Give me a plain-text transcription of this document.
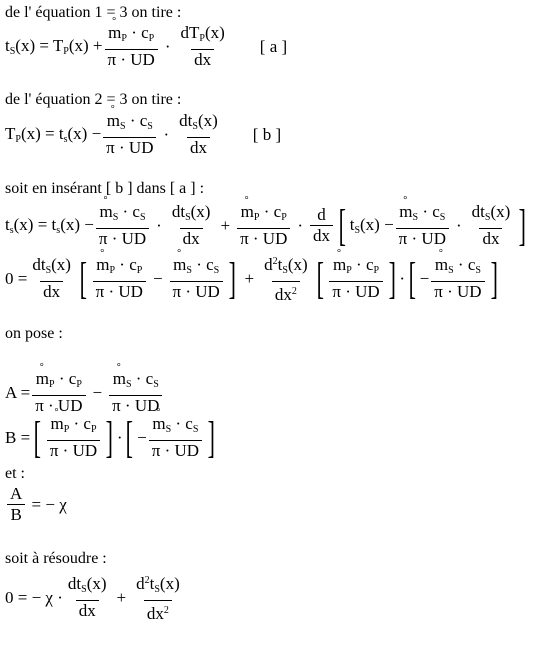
de l' équation 1 = 3 on tire :
$t_S(x) = T_P(x) + \frac{m ^\circ_P \cdot c_P}{\pi \cdot UD} \cdot \frac{dT_P(x)}{dx}$ [ a ]
de l' équation 2 = 3 on tire :
$T_P(x) = t_s(x) - \frac{m ^\circ_S \cdot c_S}{\pi \cdot UD} \cdot \frac{dt_S(x)}{dx}$ [ b ]
soit en insérant [ b ] dans [ a ] :
$t_s(x) = t_s(x) - \frac{m ^\circ_S \cdot c_S}{\pi \cdot UD} \cdot \frac{dt_S(x)}{dx} + \frac{m ^\circ_P \cdot c_P}{\pi \cdot UD} \cdot \frac{d}{dx}$ [ $t_S(x) - \frac{m ^\circ_S \cdot c_S}{\pi \cdot UD} \cdot \frac{dt_S(x)}{dx}$ ]
$0 = \frac{dt_S(x)}{dx}$ [ $\frac{m ^\circ_P \cdot c_P}{\pi \cdot UD} - \frac{m ^\circ_S \cdot c_S}{\pi \cdot UD}$ ] + $\frac{d^2t_S(x)}{dx^2}$ [ $\frac{m ^\circ_P \cdot c_P}{\pi \cdot UD}$ ] · [ − $\frac{m ^\circ_S \cdot c_S}{\pi \cdot UD}$ ]
on pose :
$A = \frac{m ^\circ_P \cdot c_P}{\pi \cdot UD} - \frac{m ^\circ_S \cdot c_S}{\pi \cdot UD}$
B = [ $\frac{m ^\circ_P \cdot c_P}{\pi \cdot UD}$ ] · [ − $\frac{m ^\circ_S \cdot c_S}{\pi \cdot UD}$ ]
et :
$\frac{A}{B}$ = − χ
soit à résoudre :
0 = − $\chi \cdot \frac{dt_S(x)}{dx} + \frac{d^2t_S(x)}{dx^2}$
